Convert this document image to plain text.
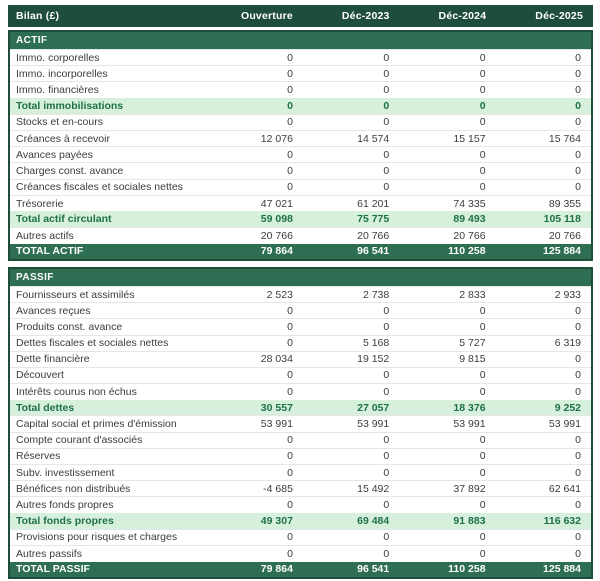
Bilan (£)	Ouverture	Déc-2023	Déc-2024	Déc-2025
ACTIF				
Immo. corporelles	0	0	0	0
Immo. incorporelles	0	0	0	0
Immo. financières	0	0	0	0
Total immobilisations	0	0	0	0
Stocks et en-cours	0	0	0	0
Créances à recevoir	12 076	14 574	15 157	15 764
Avances payées	0	0	0	0
Charges const. avance	0	0	0	0
Créances fiscales et sociales nettes	0	0	0	0
Trésorerie	47 021	61 201	74 335	89 355
Total actif circulant	59 098	75 775	89 493	105 118
Autres actifs	20 766	20 766	20 766	20 766
TOTAL ACTIF	79 864	96 541	110 258	125 884
PASSIF				
Fournisseurs et assimilés	2 523	2 738	2 833	2 933
Avances reçues	0	0	0	0
Produits const. avance	0	0	0	0
Dettes fiscales et sociales nettes	0	5 168	5 727	6 319
Dette financière	28 034	19 152	9 815	0
Découvert	0	0	0	0
Intérêts courus non échus	0	0	0	0
Total dettes	30 557	27 057	18 376	9 252
Capital social et primes d'émission	53 991	53 991	53 991	53 991
Compte courant d'associés	0	0	0	0
Réserves	0	0	0	0
Subv. investissement	0	0	0	0
Bénéfices non distribués	-4 685	15 492	37 892	62 641
Autres fonds propres	0	0	0	0
Total fonds propres	49 307	69 484	91 883	116 632
Provisions pour risques et charges	0	0	0	0
Autres passifs	0	0	0	0
TOTAL PASSIF	79 864	96 541	110 258	125 884
